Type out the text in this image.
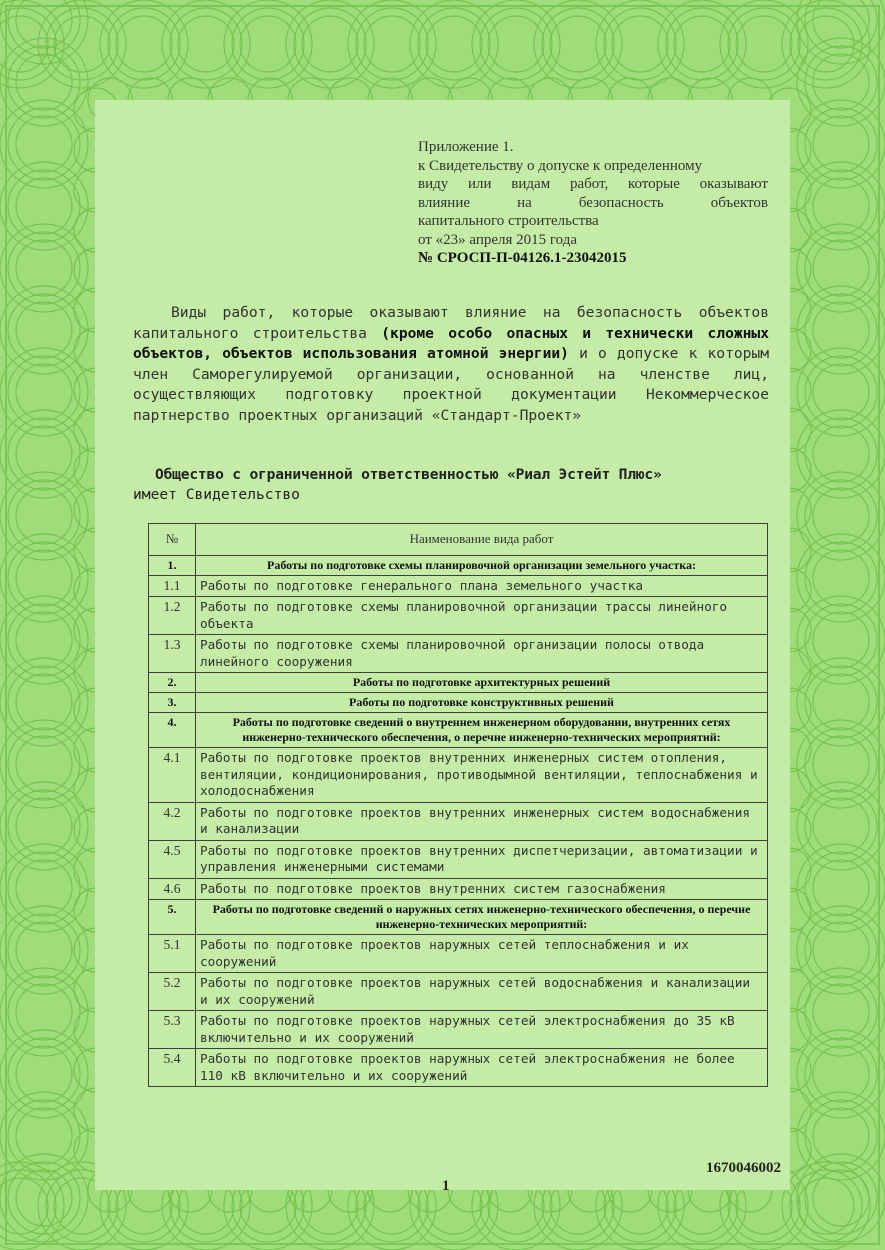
Приложение 1.
к Свидетельству о допуске к определенному
виду или видам работ, которые оказывают
влияние на безопасность объектов
капитального строительства
от «23» апреля 2015 года
№ СРОСП-П-04126.1-23042015
Виды работ, которые оказывают влияние на безопасность объектов капитального строительства (кроме особо опасных и технически сложных объектов, объектов использования атомной энергии) и о допуске к которым член Саморегулируемой организации, основанной на членстве лиц, осуществляющих подготовку проектной документации Некоммерческое партнерство проектных организаций «Стандарт-Проект»
Общество с ограниченной ответственностью «Риал Эстейт Плюс»
имеет Свидетельство
№	Наименование вида работ
1.	Работы по подготовке схемы планировочной организации земельного участка:
1.1	Работы по подготовке генерального плана земельного участка
1.2	Работы по подготовке схемы планировочной организации трассы линейного объекта
1.3	Работы по подготовке схемы планировочной организации полосы отвода линейного сооружения
2.	Работы по подготовке архитектурных решений
3.	Работы по подготовке конструктивных решений
4.	Работы по подготовке сведений о внутреннем инженерном оборудовании, внутренних сетях инженерно-технического обеспечения, о перечне инженерно-технических мероприятий:
4.1	Работы по подготовке проектов внутренних инженерных систем отопления, вентиляции, кондиционирования, противодымной вентиляции, теплоснабжения и холодоснабжения
4.2	Работы по подготовке проектов внутренних инженерных систем водоснабжения и канализации
4.5	Работы по подготовке проектов внутренних диспетчеризации, автоматизации и управления инженерными системами
4.6	Работы по подготовке проектов внутренних систем газоснабжения
5.	Работы по подготовке сведений о наружных сетях инженерно-технического обеспечения, о перечне инженерно-технических мероприятий:
5.1	Работы по подготовке проектов наружных сетей теплоснабжения и их сооружений
5.2	Работы по подготовке проектов наружных сетей водоснабжения и канализации и их сооружений
5.3	Работы по подготовке проектов наружных сетей электроснабжения до 35 кВ включительно и их сооружений
5.4	Работы по подготовке проектов наружных сетей электроснабжения не более 110 кВ включительно и их сооружений
1
1670046002
